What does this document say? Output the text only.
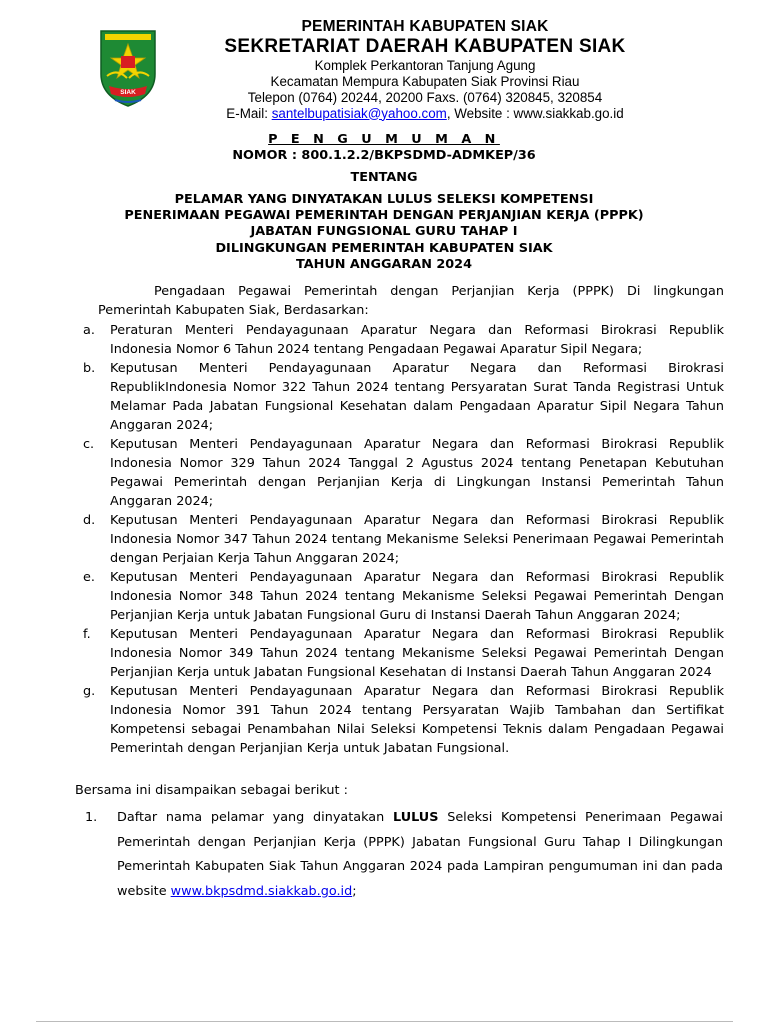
SIAK
PEMERINTAH KABUPATEN SIAK
SEKRETARIAT DAERAH KABUPATEN SIAK
Komplek Perkantoran Tanjung Agung
Kecamatan Mempura Kabupaten Siak Provinsi Riau
Telepon (0764) 20244, 20200 Faxs. (0764) 320845, 320854
E-Mail: santelbupatisiak@yahoo.com, Website : www.siakkab.go.id
P E N G U M U M A N
NOMOR : 800.1.2.2/BKPSDMD-ADMKEP/36
TENTANG
PELAMAR YANG DINYATAKAN LULUS SELEKSI KOMPETENSI
PENERIMAAN PEGAWAI PEMERINTAH DENGAN PERJANJIAN KERJA (PPPK)
JABATAN FUNGSIONAL GURU TAHAP I
DILINGKUNGAN PEMERINTAH KABUPATEN SIAK
TAHUN ANGGARAN 2024
Pengadaan Pegawai Pemerintah dengan Perjanjian Kerja (PPPK) Di lingkungan Pemerintah Kabupaten Siak, Berdasarkan:
a. Peraturan Menteri Pendayagunaan Aparatur Negara dan Reformasi Birokrasi Republik Indonesia Nomor 6 Tahun 2024 tentang Pengadaan Pegawai Aparatur Sipil Negara;
b. Keputusan Menteri Pendayagunaan Aparatur Negara dan Reformasi Birokrasi RepublikIndonesia Nomor 322 Tahun 2024 tentang Persyaratan Surat Tanda Registrasi Untuk Melamar Pada Jabatan Fungsional Kesehatan dalam Pengadaan Aparatur Sipil Negara Tahun Anggaran 2024;
c. Keputusan Menteri Pendayagunaan Aparatur Negara dan Reformasi Birokrasi Republik Indonesia Nomor 329 Tahun 2024 Tanggal 2 Agustus 2024 tentang Penetapan Kebutuhan Pegawai Pemerintah dengan Perjanjian Kerja di Lingkungan Instansi Pemerintah Tahun Anggaran 2024;
d. Keputusan Menteri Pendayagunaan Aparatur Negara dan Reformasi Birokrasi Republik Indonesia Nomor 347 Tahun 2024 tentang Mekanisme Seleksi Penerimaan Pegawai Pemerintah dengan Perjaian Kerja Tahun Anggaran 2024;
e. Keputusan Menteri Pendayagunaan Aparatur Negara dan Reformasi Birokrasi Republik Indonesia Nomor 348 Tahun 2024 tentang Mekanisme Seleksi Pegawai Pemerintah Dengan Perjanjian Kerja untuk Jabatan Fungsional Guru di Instansi Daerah Tahun Anggaran 2024;
f. Keputusan Menteri Pendayagunaan Aparatur Negara dan Reformasi Birokrasi Republik Indonesia Nomor 349 Tahun 2024 tentang Mekanisme Seleksi Pegawai Pemerintah Dengan Perjanjian Kerja untuk Jabatan Fungsional Kesehatan di Instansi Daerah Tahun Anggaran 2024
g. Keputusan Menteri Pendayagunaan Aparatur Negara dan Reformasi Birokrasi Republik Indonesia Nomor 391 Tahun 2024 tentang Persyaratan Wajib Tambahan dan Sertifikat Kompetensi sebagai Penambahan Nilai Seleksi Kompetensi Teknis dalam Pengadaan Pegawai Pemerintah dengan Perjanjian Kerja untuk Jabatan Fungsional.
Bersama ini disampaikan sebagai berikut :
1. Daftar nama pelamar yang dinyatakan LULUS Seleksi Kompetensi Penerimaan Pegawai Pemerintah dengan Perjanjian Kerja (PPPK) Jabatan Fungsional Guru Tahap I Dilingkungan Pemerintah Kabupaten Siak Tahun Anggaran 2024 pada Lampiran pengumuman ini dan pada website www.bkpsdmd.siakkab.go.id;
